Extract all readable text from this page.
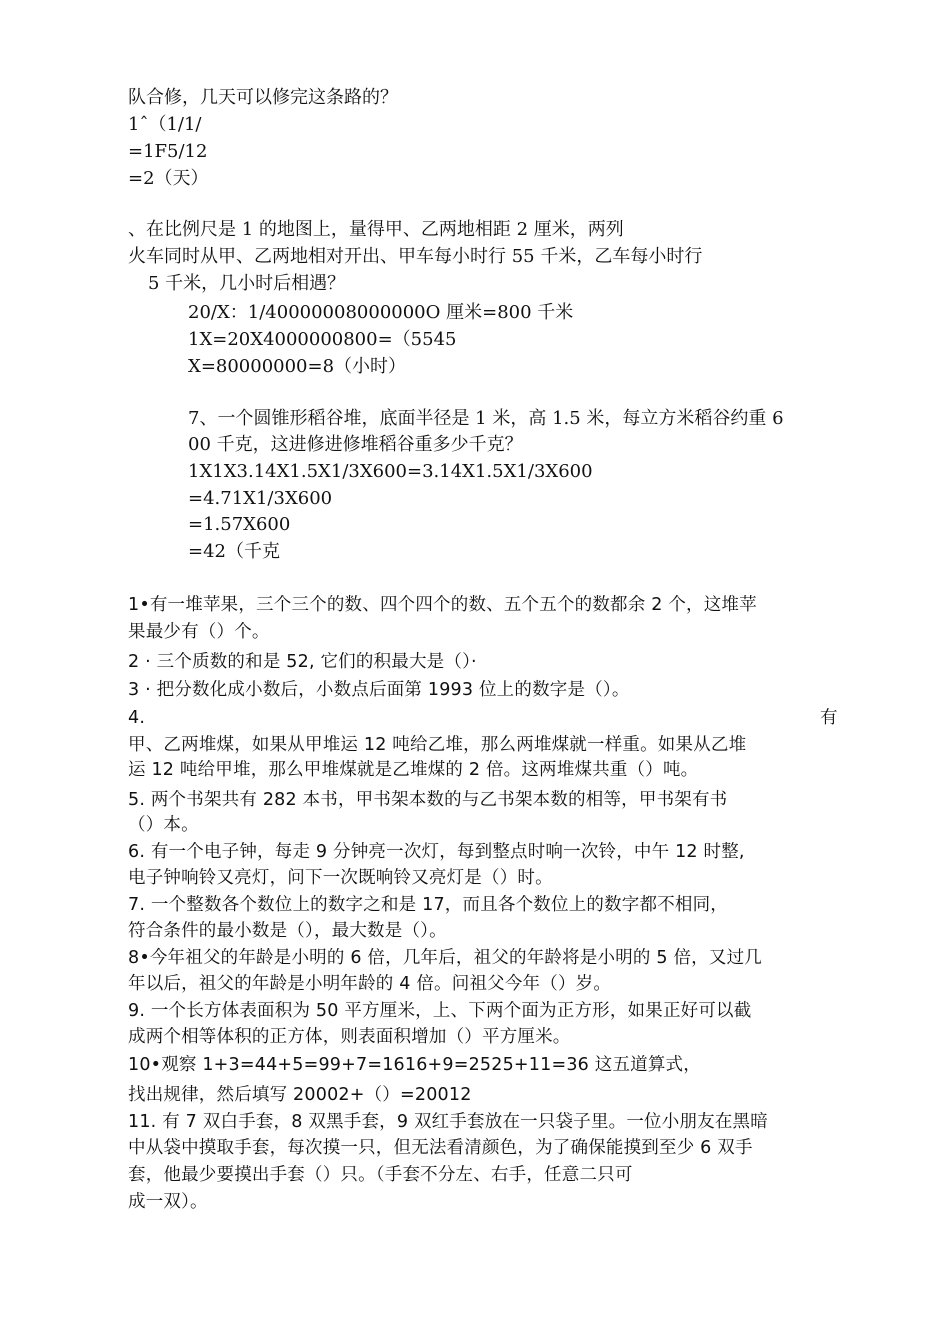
队合修，几天可以修完这条路的？
1ˆ（1/1/
=1F5/12
=2（天）
、在比例尺是 1 的地图上，量得甲、乙两地相距 2 厘米，两列
火车同时从甲、乙两地相对开出、甲车每小时行 55 千米，乙车每小时行
5 千米，几小时后相遇？
20/X：1/40000008000000O 厘米=800 千米
1X=20X4000000800=（5545
X=80000000=8（小时）
7、一个圆锥形稻谷堆，底面半径是 1 米，高 1.5 米，每立方米稻谷约重 6
00 千克，这进修进修堆稻谷重多少千克？
1X1X3.14X1.5X1/3X600=3.14X1.5X1/3X600
=4.71X1/3X600
=1.57X600
=42（千克
1•有一堆苹果，三个三个的数、四个四个的数、五个五个的数都余 2 个，这堆苹
果最少有（）个。
2 · 三个质数的和是 52, 它们的积最大是（）·
3 · 把分数化成小数后，小数点后面第 1993 位上的数字是（）。
4.	有
甲、乙两堆煤，如果从甲堆运 12 吨给乙堆，那么两堆煤就一样重。如果从乙堆
运 12 吨给甲堆，那么甲堆煤就是乙堆煤的 2 倍。这两堆煤共重（）吨。
5. 两个书架共有 282 本书，甲书架本数的与乙书架本数的相等，甲书架有书
（）本。
6. 有一个电子钟，每走 9 分钟亮一次灯，每到整点时响一次铃，中午 12 时整,
电子钟响铃又亮灯，问下一次既响铃又亮灯是（）时。
7. 一个整数各个数位上的数字之和是 17，而且各个数位上的数字都不相同，
符合条件的最小数是（），最大数是（）。
8•今年祖父的年龄是小明的 6 倍，几年后，祖父的年龄将是小明的 5 倍，又过几
年以后，祖父的年龄是小明年龄的 4 倍。问祖父今年（）岁。
9. 一个长方体表面积为 50 平方厘米，上、下两个面为正方形，如果正好可以截
成两个相等体积的正方体，则表面积增加（）平方厘米。
10•观察 1+3=44+5=99+7=1616+9=2525+11=36 这五道算式，
找出规律，然后填写 20002+（）=20012
11. 有 7 双白手套，8 双黑手套，9 双红手套放在一只袋子里。一位小朋友在黑暗
中从袋中摸取手套，每次摸一只，但无法看清颜色，为了确保能摸到至少 6 双手
套，他最少要摸出手套（）只。（手套不分左、右手，任意二只可
成一双）。
